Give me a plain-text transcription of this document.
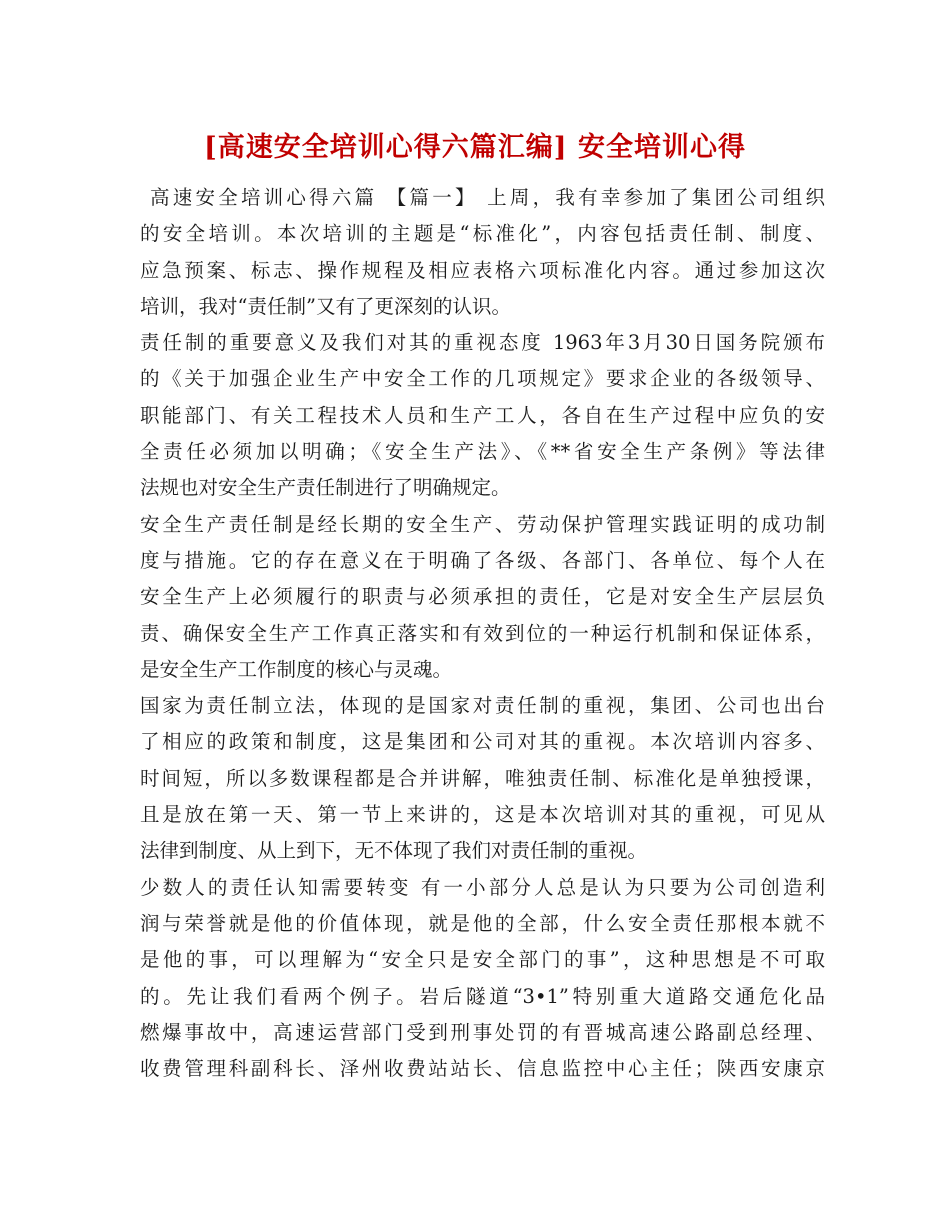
[高速安全培训心得六篇汇编] 安全培训心得
高速安全培训心得六篇 【篇一】 上周，我有幸参加了集团公司组织
的安全培训。本次培训的主题是“标准化”，内容包括责任制、制度、
应急预案、标志、操作规程及相应表格六项标准化内容。通过参加这次
培训，我对“责任制”又有了更深刻的认识。
责任制的重要意义及我们对其的重视态度 1963年3月30日国务院颁布
的《关于加强企业生产中安全工作的几项规定》要求企业的各级领导、
职能部门、有关工程技术人员和生产工人，各自在生产过程中应负的安
全责任必须加以明确；《安全生产法》、《**省安全生产条例》等法律
法规也对安全生产责任制进行了明确规定。
安全生产责任制是经长期的安全生产、劳动保护管理实践证明的成功制
度与措施。它的存在意义在于明确了各级、各部门、各单位、每个人在
安全生产上必须履行的职责与必须承担的责任，它是对安全生产层层负
责、确保安全生产工作真正落实和有效到位的一种运行机制和保证体系，
是安全生产工作制度的核心与灵魂。
国家为责任制立法，体现的是国家对责任制的重视，集团、公司也出台
了相应的政策和制度，这是集团和公司对其的重视。本次培训内容多、
时间短，所以多数课程都是合并讲解，唯独责任制、标准化是单独授课，
且是放在第一天、第一节上来讲的，这是本次培训对其的重视，可见从
法律到制度、从上到下，无不体现了我们对责任制的重视。
少数人的责任认知需要转变 有一小部分人总是认为只要为公司创造利
润与荣誉就是他的价值体现，就是他的全部，什么安全责任那根本就不
是他的事，可以理解为“安全只是安全部门的事”，这种思想是不可取
的。先让我们看两个例子。岩后隧道“3•1”特别重大道路交通危化品
燃爆事故中，高速运营部门受到刑事处罚的有晋城高速公路副总经理、
收费管理科副科长、泽州收费站站长、信息监控中心主任；陕西安康京
